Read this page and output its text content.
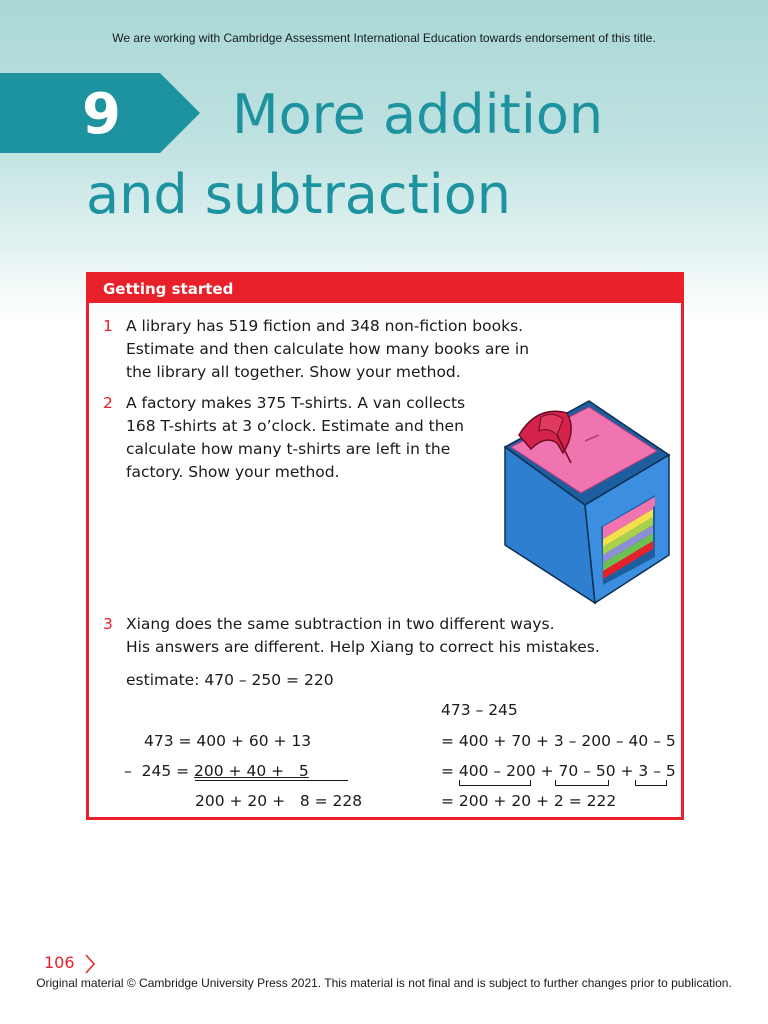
We are working with Cambridge Assessment International Education towards endorsement of this title.
9 More addition
and subtraction
Getting started
1 A library has 519 fiction and 348 non-fiction books.
Estimate and then calculate how many books are in
the library all together. Show your method.
2 A factory makes 375 T-shirts. A van collects
168 T-shirts at 3 o’clock. Estimate and then
calculate how many t-shirts are left in the
factory. Show your method.
3 Xiang does the same subtraction in two different ways.
His answers are different. Help Xiang to correct his mistakes.
estimate: 470 – 250 = 220
473 = 400 + 60 + 13
–  245 = 200 + 40 +   5
200 + 20 +   8 = 228
473 – 245
= 400 + 70 + 3 – 200 – 40 – 5
= 400 – 200 + 70 – 50 + 3 – 5
= 200 + 20 + 2 = 222
106
Original material © Cambridge University Press 2021. This material is not final and is subject to further changes prior to publication.
